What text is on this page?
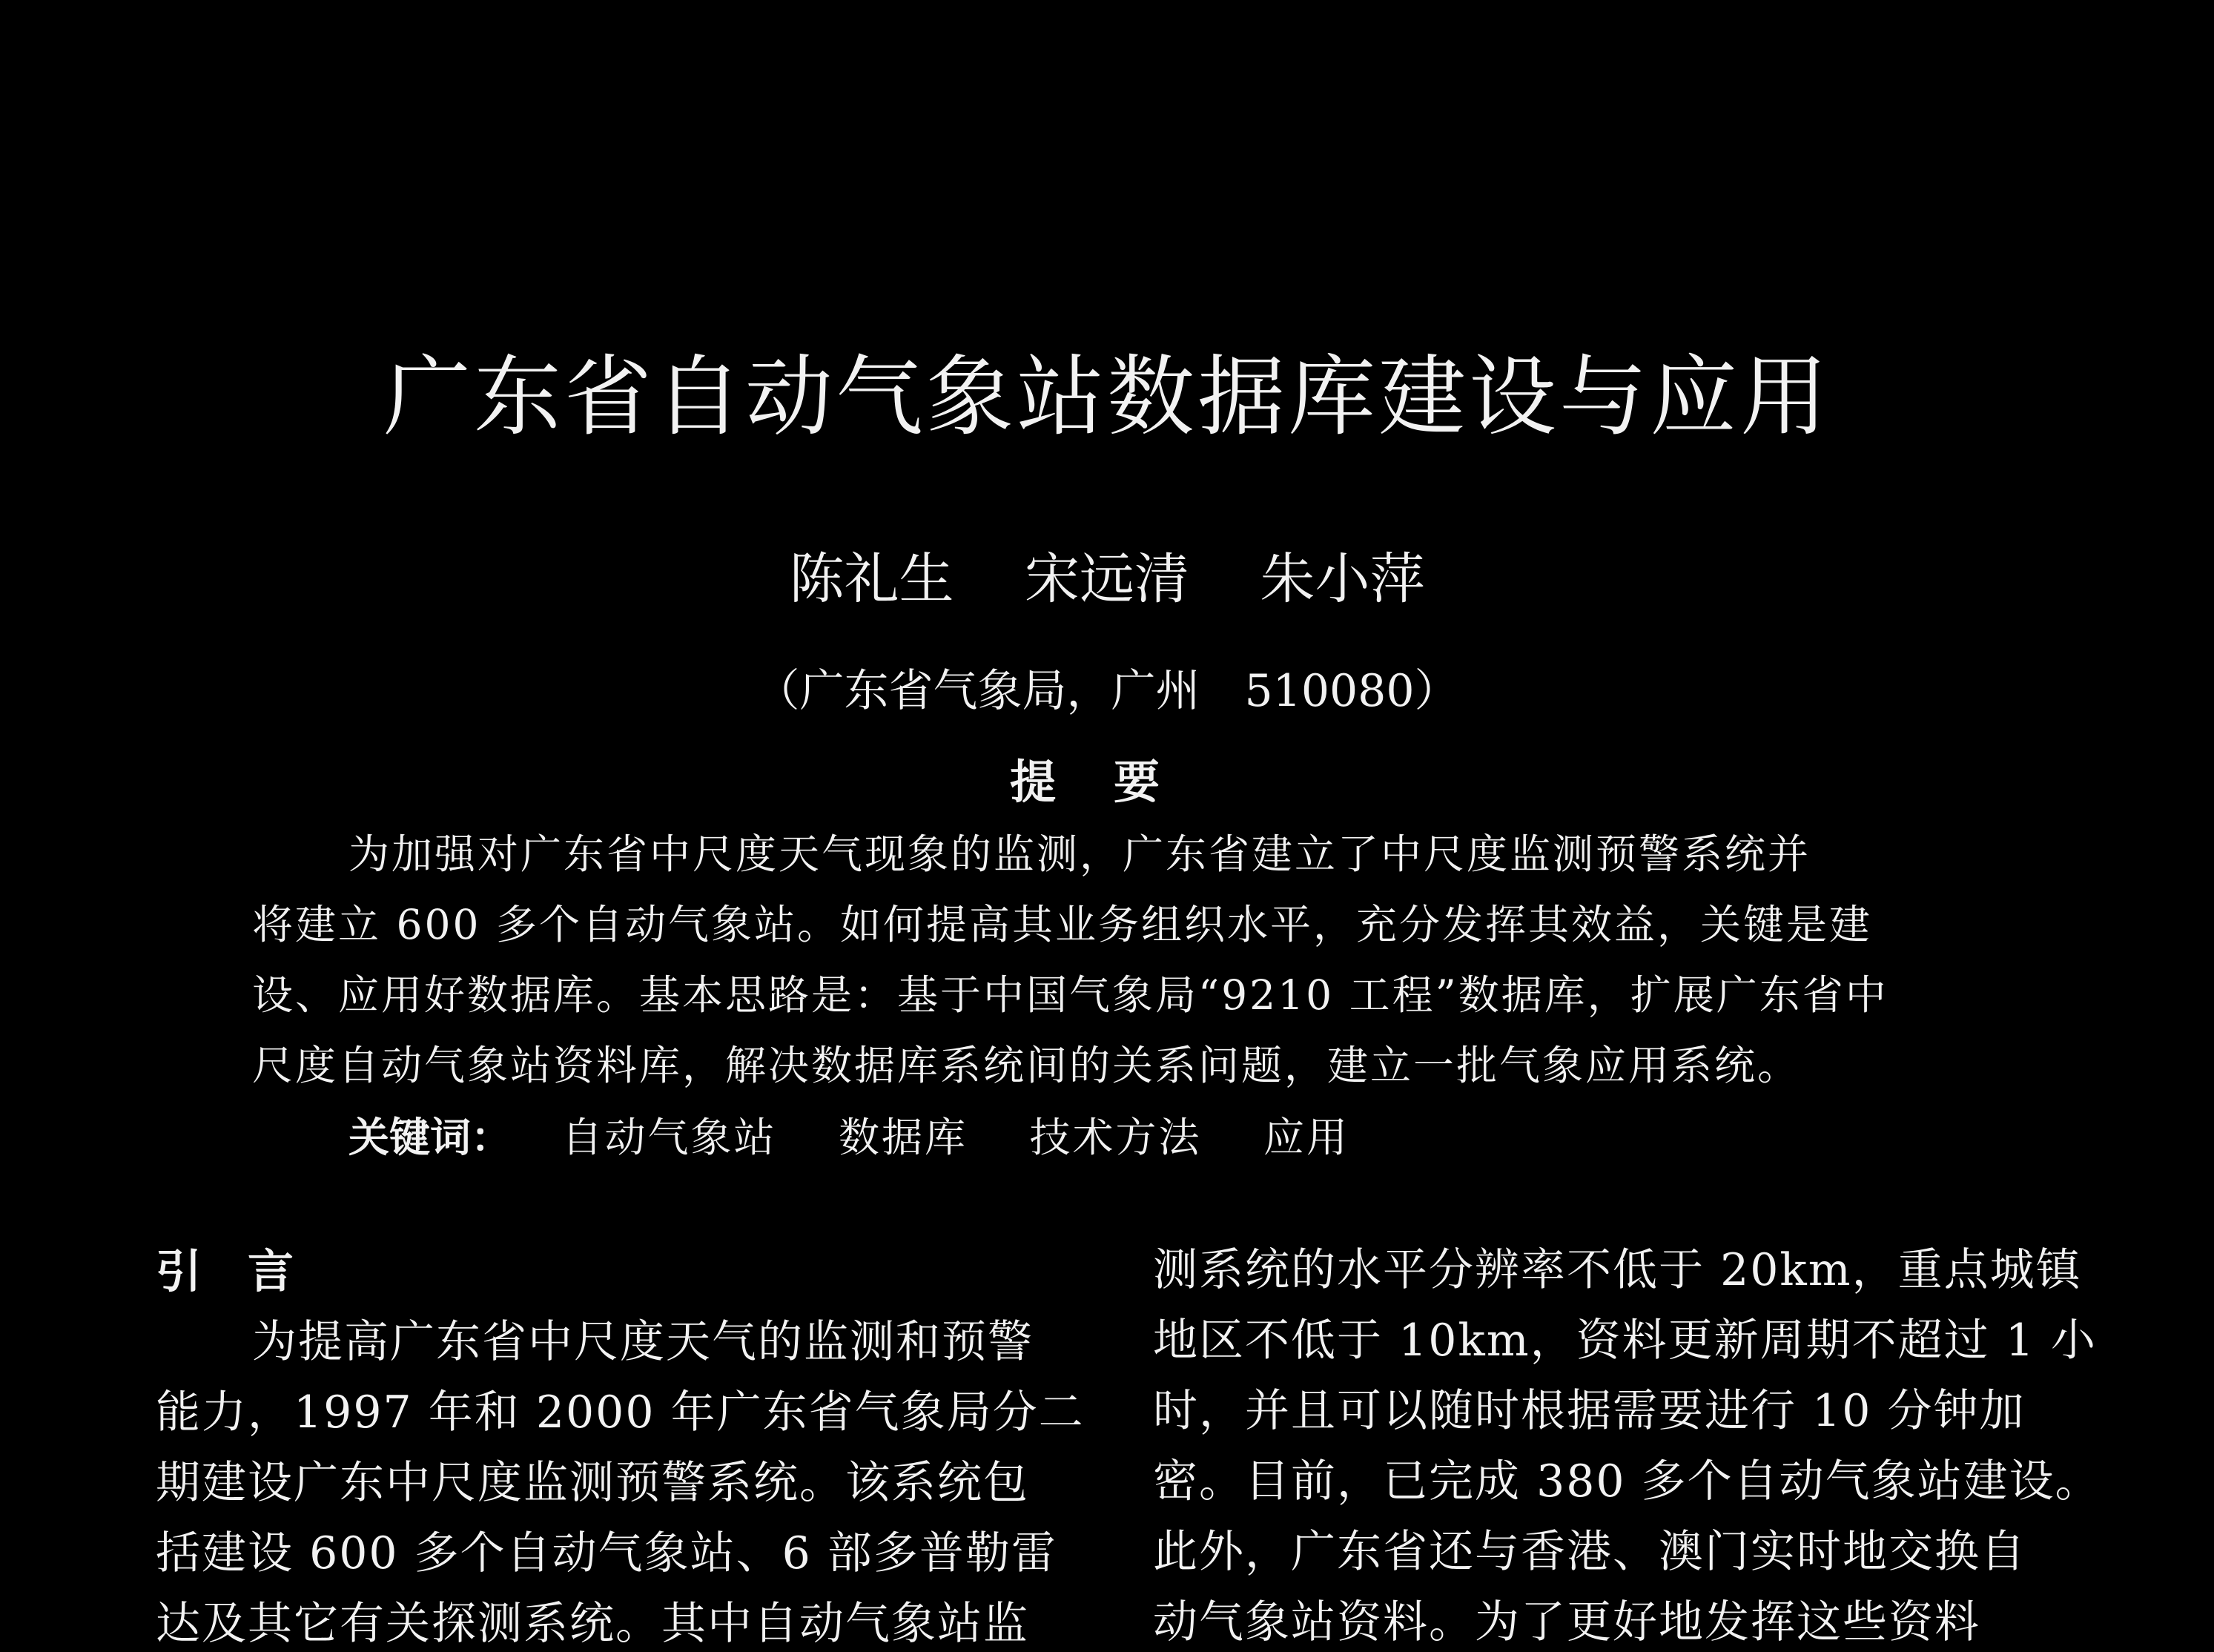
广东省自动气象站数据库建设与应用
陈礼生 宋远清 朱小萍
（广东省气象局，广州　510080）
提要
为加强对广东省中尺度天气现象的监测，广东省建立了中尺度监测预警系统并
将建立 600 多个自动气象站。如何提高其业务组织水平，充分发挥其效益，关键是建
设、应用好数据库。基本思路是：基于中国气象局“9210 工程”数据库，扩展广东省中
尺度自动气象站资料库，解决数据库系统间的关系问题，建立一批气象应用系统。
关键词： 自动气象站 数据库 技术方法 应用
引言
为提高广东省中尺度天气的监测和预警
能力，1997 年和 2000 年广东省气象局分二
期建设广东中尺度监测预警系统。该系统包
括建设 600 多个自动气象站、6 部多普勒雷
达及其它有关探测系统。其中自动气象站监
测系统的水平分辨率不低于 20km，重点城镇
地区不低于 10km，资料更新周期不超过 1 小
时，并且可以随时根据需要进行 10 分钟加
密。目前，已完成 380 多个自动气象站建设。
此外，广东省还与香港、澳门实时地交换自
动气象站资料。为了更好地发挥这些资料
